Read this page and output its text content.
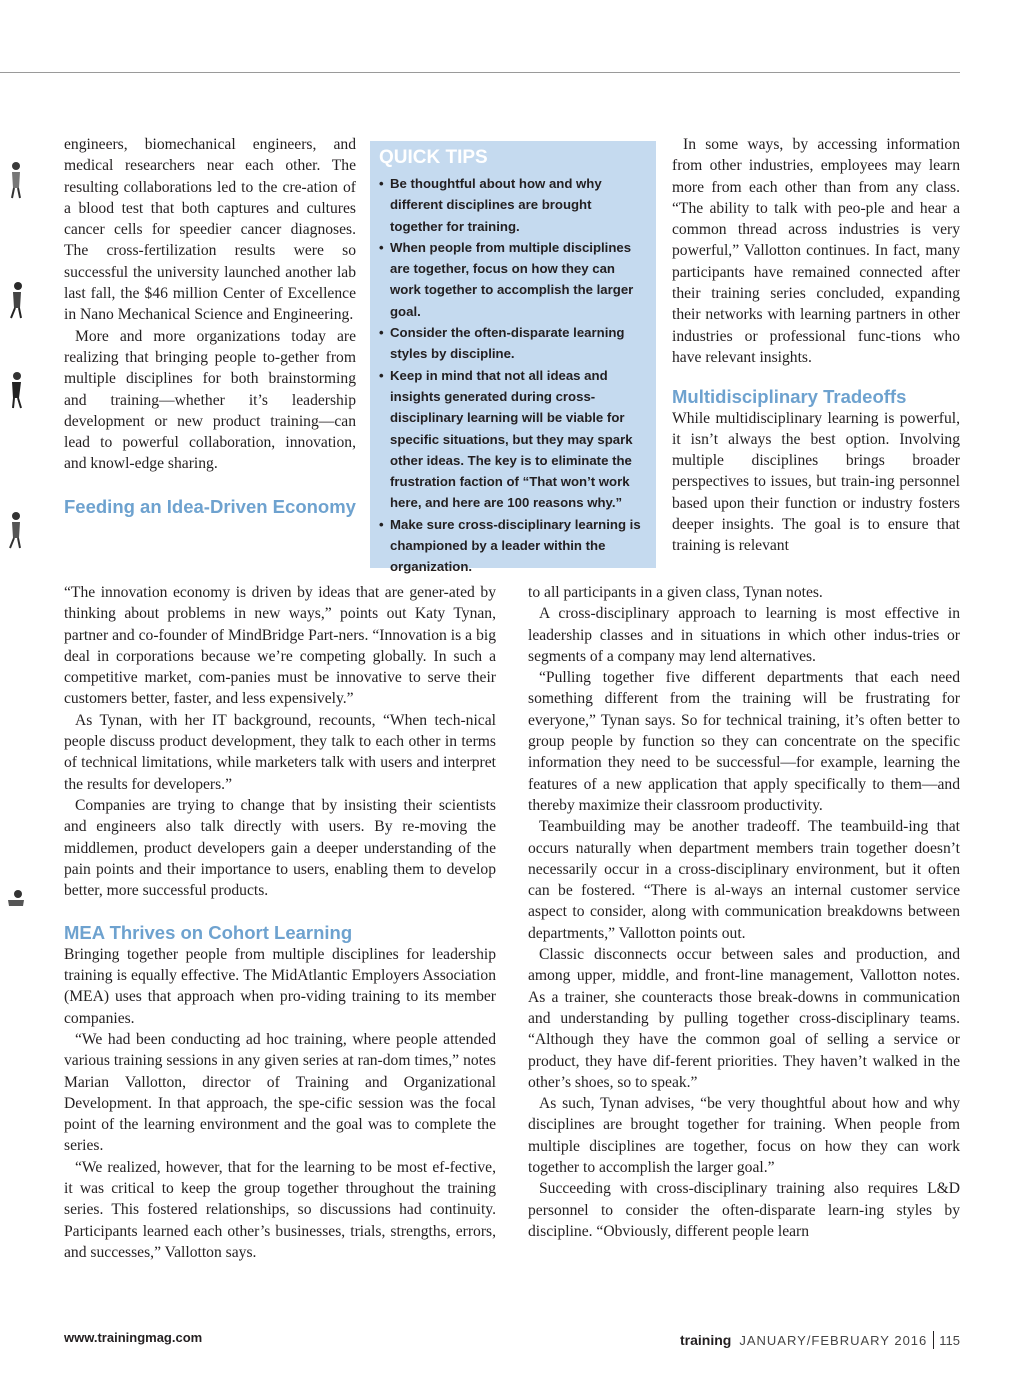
engineers, biomechanical engineers, and medical researchers near each other. The resulting collaborations led to the cre-ation of a blood test that both captures and cultures cancer cells for speedier cancer diagnoses. The cross-fertilization results were so successful the university launched another lab last fall, the $46 million Center of Excellence in Nano Mechanical Science and Engineering.

More and more organizations today are realizing that bringing people to-gether from multiple disciplines for both brainstorming and training—whether it’s leadership development or new product training—can lead to powerful collaboration, innovation, and knowl-edge sharing.

Feeding an Idea-Driven Economy
QUICK TIPS
• Be thoughtful about how and why different disciplines are brought together for training.
• When people from multiple disciplines are together, focus on how they can work together to accomplish the larger goal.
• Consider the often-disparate learning styles by discipline.
• Keep in mind that not all ideas and insights generated during cross-disciplinary learning will be viable for specific situations, but they may spark other ideas. The key is to eliminate the frustration faction of “That won’t work here, and here are 100 reasons why.”
• Make sure cross-disciplinary learning is championed by a leader within the organization.

In some ways, by accessing information from other industries, employees may learn more from each other than from any class. “The ability to talk with peo-ple and hear a common thread across industries is very powerful,” Vallotton continues. In fact, many participants have remained connected after their training series concluded, expanding their networks with learning partners in other industries or professional func-tions who have relevant insights.

Multidisciplinary Tradeoffs

While multidisciplinary learning is powerful, it isn’t always the best option. Involving multiple disciplines brings broader perspectives to issues, but train-ing personnel based upon their function or industry fosters deeper insights. The goal is to ensure that training is relevant

“The innovation economy is driven by ideas that are gener-ated by thinking about problems in new ways,” points out Katy Tynan, partner and co-founder of MindBridge Part-ners. “Innovation is a big deal in corporations because we’re competing globally. In such a competitive market, com-panies must be innovative to serve their customers better, faster, and less expensively.”

As Tynan, with her IT background, recounts, “When tech-nical people discuss product development, they talk to each other in terms of technical limitations, while marketers talk with users and interpret the results for developers.”

Companies are trying to change that by insisting their scientists and engineers also talk directly with users. By re-moving the middlemen, product developers gain a deeper understanding of the pain points and their importance to users, enabling them to develop better, more successful products.

MEA Thrives on Cohort Learning

Bringing together people from multiple disciplines for leadership training is equally effective. The MidAtlantic Employers Association (MEA) uses that approach when pro-viding training to its member companies.

“We had been conducting ad hoc training, where people attended various training sessions in any given series at ran-dom times,” notes Marian Vallotton, director of Training and Organizational Development. In that approach, the spe-cific session was the focal point of the learning environment and the goal was to complete the series.

“We realized, however, that for the learning to be most ef-fective, it was critical to keep the group together throughout the training series. This fostered relationships, so discussions had continuity. Participants learned each other’s businesses, trials, strengths, errors, and successes,” Vallotton says.

to all participants in a given class, Tynan notes.

A cross-disciplinary approach to learning is most effective in leadership classes and in situations in which other indus-tries or segments of a company may lend alternatives.

“Pulling together five different departments that each need something different from the training will be frustrating for everyone,” Tynan says. So for technical training, it’s often better to group people by function so they can concentrate on the specific information they need to be successful—for example, learning the features of a new application that apply specifically to them—and thereby maximize their classroom productivity.

Teambuilding may be another tradeoff. The teambuild-ing that occurs naturally when department members train together doesn’t necessarily occur in a cross-disciplinary environment, but it often can be fostered. “There is al-ways an internal customer service aspect to consider, along with communication breakdowns between departments,” Vallotton points out.

Classic disconnects occur between sales and production, and among upper, middle, and front-line management, Vallotton notes. As a trainer, she counteracts those break-downs in communication and understanding by pulling together cross-disciplinary teams. “Although they have the common goal of selling a service or product, they have dif-ferent priorities. They haven’t walked in the other’s shoes, so to speak.”

As such, Tynan advises, “be very thoughtful about how and why disciplines are brought together for training. When people from multiple disciplines are together, focus on how they can work together to accomplish the larger goal.”

Succeeding with cross-disciplinary training also requires L&D personnel to consider the often-disparate learn-ing styles by discipline. “Obviously, different people learn

www.trainingmag.com	training JANUARY/FEBRUARY 2016 115
